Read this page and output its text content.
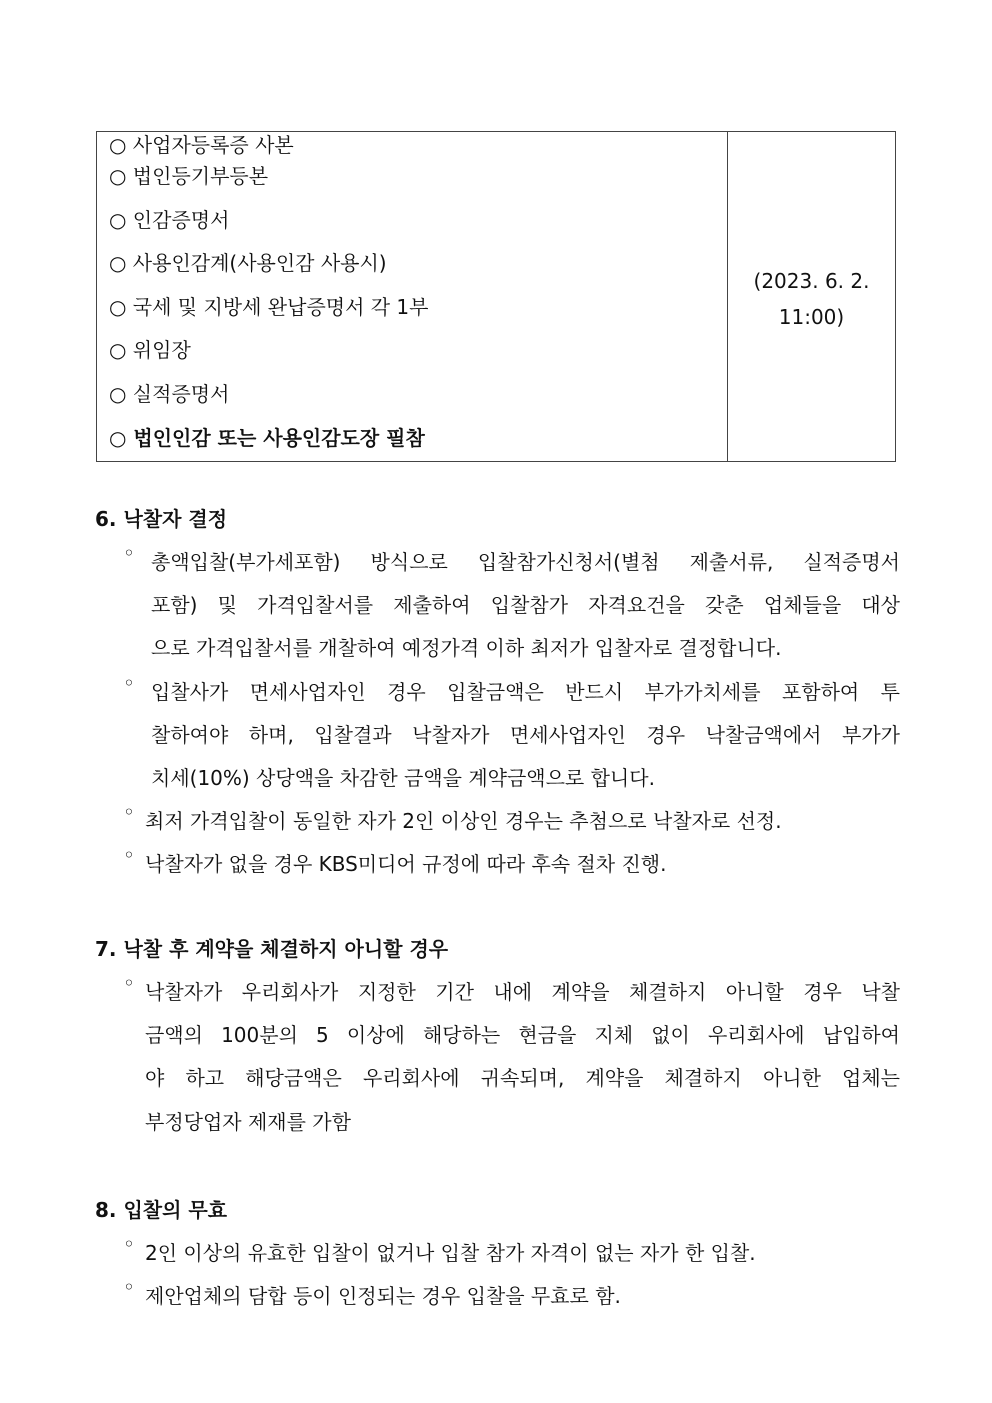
○ 사업자등록증 사본
○ 법인등기부등본
○ 인감증명서
○ 사용인감계(사용인감 사용시)
○ 국세 및 지방세 완납증명서 각 1부
○ 위임장
○ 실적증명서
○ 법인인감 또는 사용인감도장 필참
(2023. 6. 2.
11:00)
6. 낙찰자 결정
◦ 총액입찰(부가세포함) 방식으로 입찰참가신청서(별첨 제출서류, 실적증명서
포함) 및 가격입찰서를 제출하여 입찰참가 자격요건을 갖춘 업체들을 대상
으로 가격입찰서를 개찰하여 예정가격 이하 최저가 입찰자로 결정합니다.
◦ 입찰사가 면세사업자인 경우 입찰금액은 반드시 부가가치세를 포함하여 투
찰하여야 하며, 입찰결과 낙찰자가 면세사업자인 경우 낙찰금액에서 부가가
치세(10%) 상당액을 차감한 금액을 계약금액으로 합니다.
◦ 최저 가격입찰이 동일한 자가 2인 이상인 경우는 추첨으로 낙찰자로 선정.
◦ 낙찰자가 없을 경우 KBS미디어 규정에 따라 후속 절차 진행.
7. 낙찰 후 계약을 체결하지 아니할 경우
◦ 낙찰자가 우리회사가 지정한 기간 내에 계약을 체결하지 아니할 경우 낙찰
금액의 100분의 5 이상에 해당하는 현금을 지체 없이 우리회사에 납입하여
야 하고 해당금액은 우리회사에 귀속되며, 계약을 체결하지 아니한 업체는
부정당업자 제재를 가함
8. 입찰의 무효
◦ 2인 이상의 유효한 입찰이 없거나 입찰 참가 자격이 없는 자가 한 입찰.
◦ 제안업체의 담합 등이 인정되는 경우 입찰을 무효로 함.
